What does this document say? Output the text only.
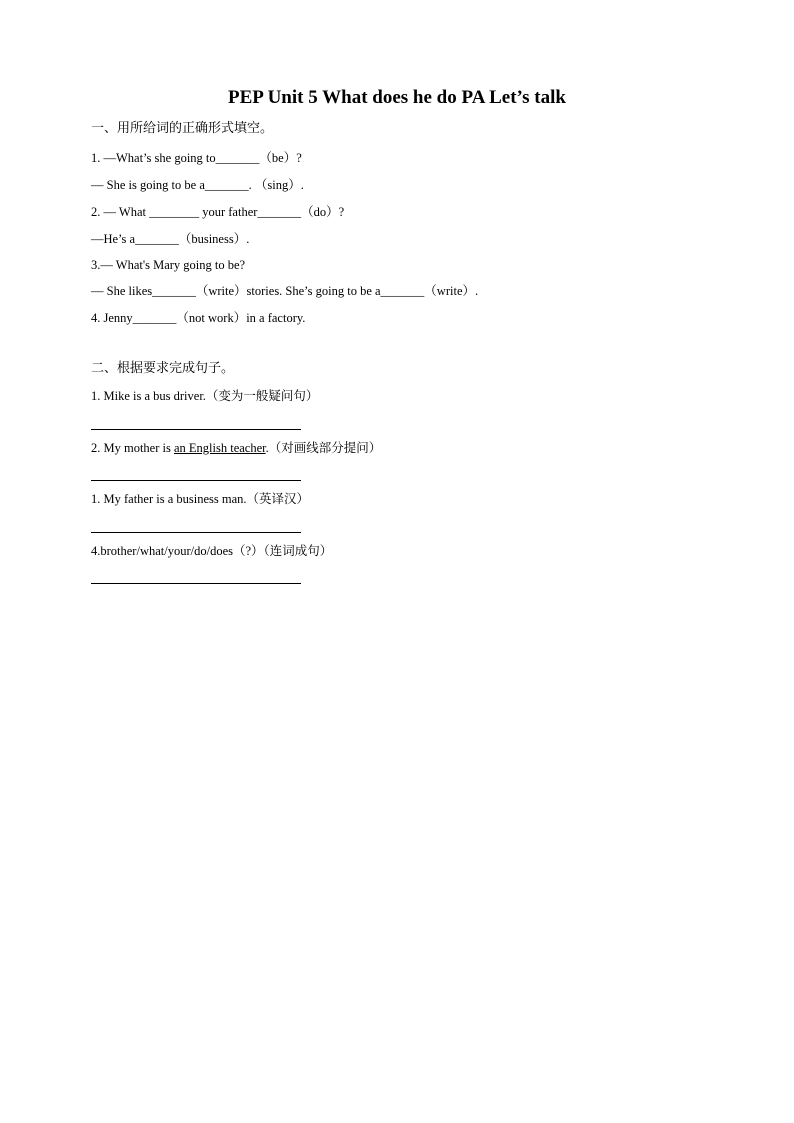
PEP Unit 5 What does he do PA Let’s talk
一、用所给词的正确形式填空。
1. —What’s she going to_______（be）?
— She is going to be a_______. （sing）.
2. — What ________ your father_______（do）?
—He’s a_______（business）.
3.— What's Mary going to be?
— She likes_______（write）stories. She’s going to be a_______（write）.
4. Jenny_______（not work）in a factory.
二、根据要求完成句子。
1. Mike is a bus driver.（变为一般疑问句）
2. My mother is an English teacher.（对画线部分提问）
1. My father is a business man.（英译汉）
4.brother/what/your/do/does（?）（连词成句）
